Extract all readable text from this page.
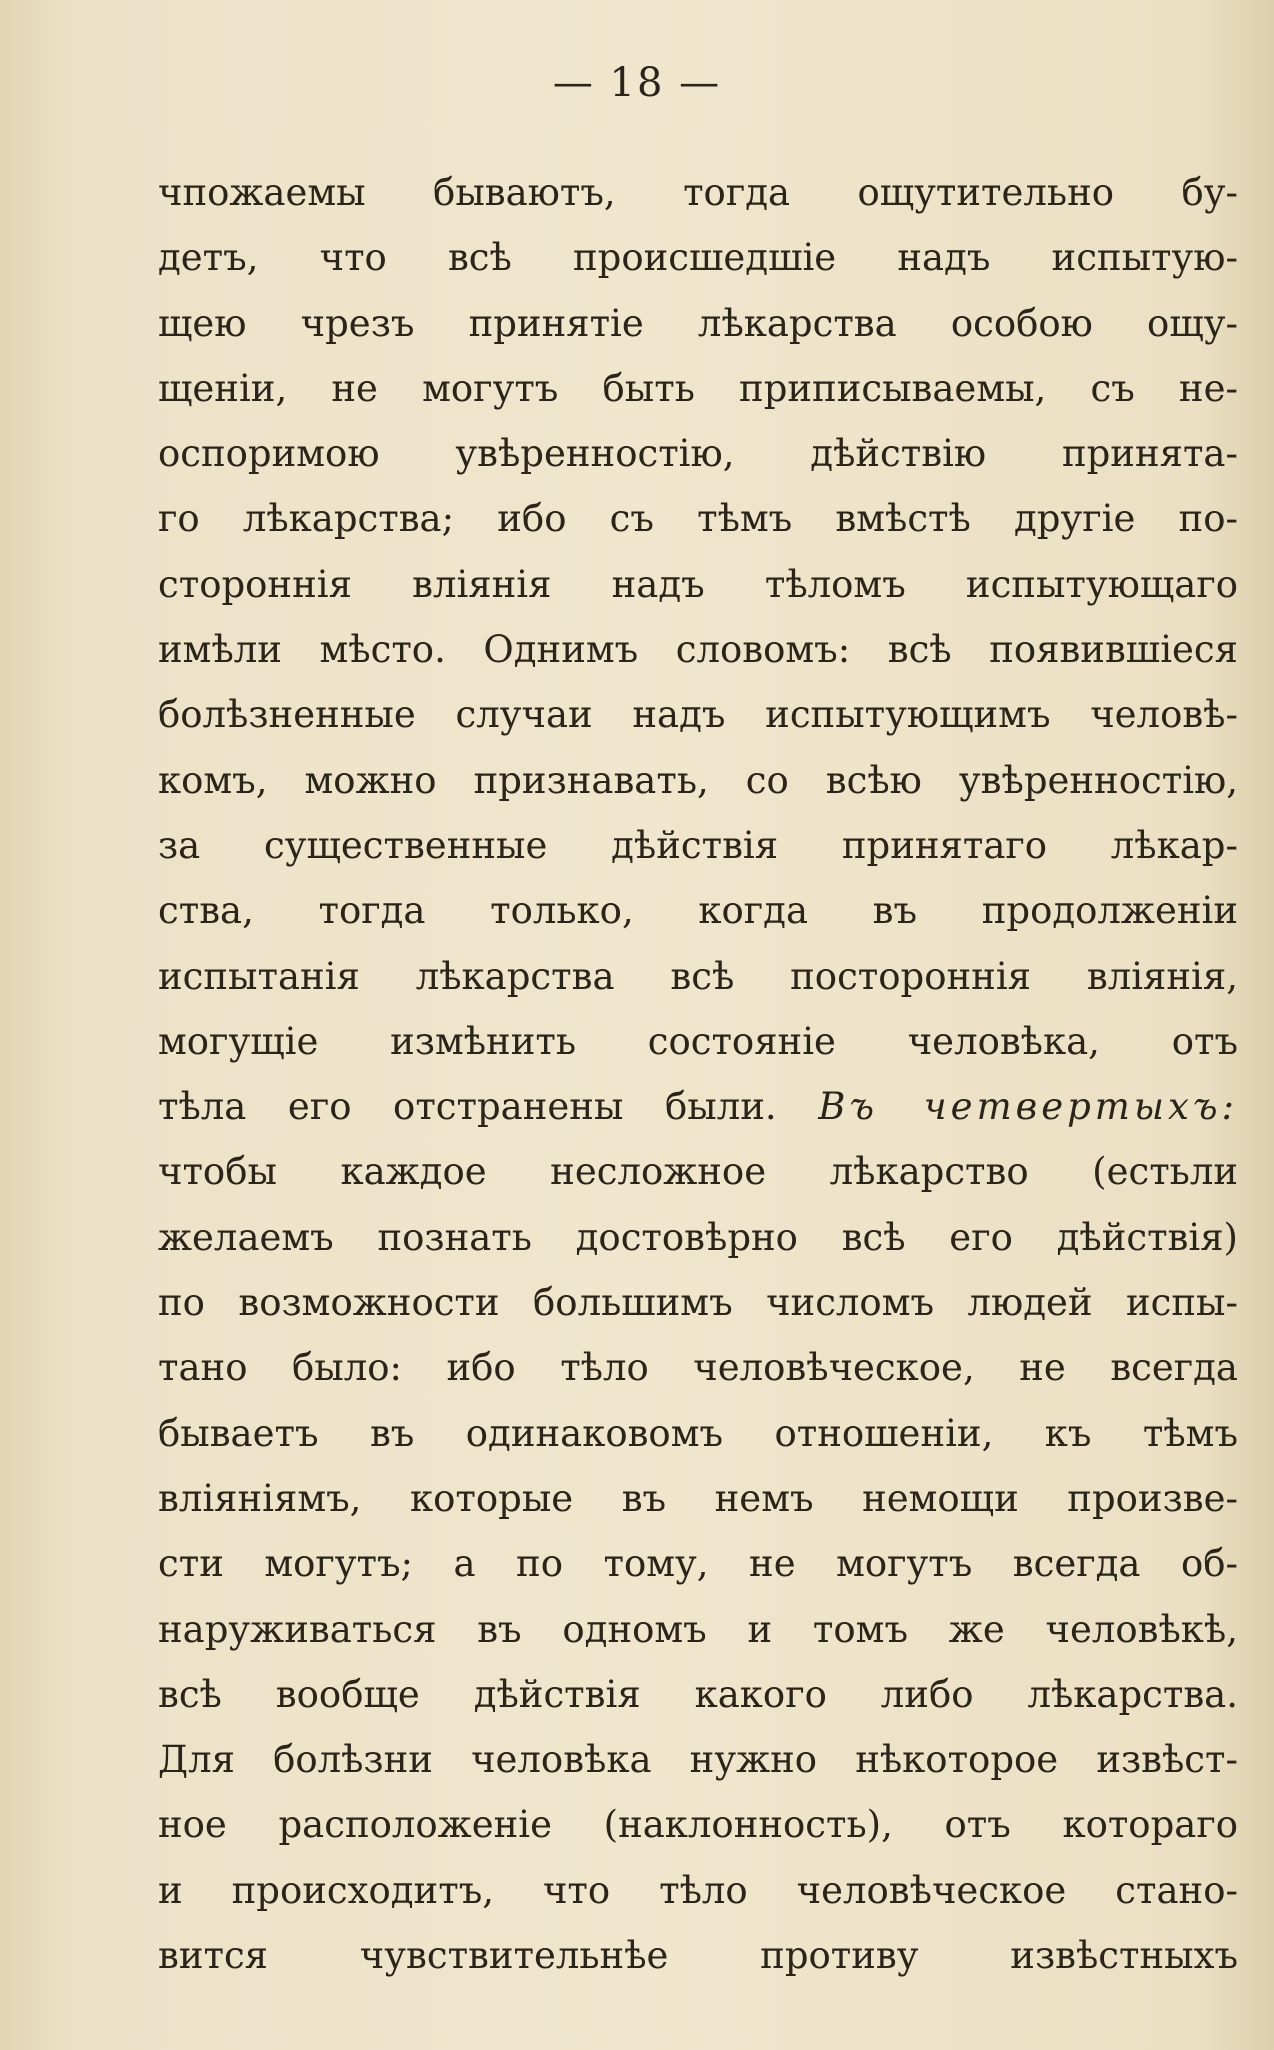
— 18 —
чпожаемы бываютъ, тогда ощутительно бу-
детъ, что всѣ происшедшіе надъ испытую-
щею чрезъ принятіе лѣкарства особою ощу-
щеніи, не могутъ быть приписываемы, съ не-
оспоримою увѣренностію, дѣйствію принята-
го лѣкарства; ибо съ тѣмъ вмѣстѣ другіе по-
стороннія вліянія надъ тѣломъ испытующаго
имѣли мѣсто. Однимъ словомъ: всѣ появившіеся
болѣзненные случаи надъ испытующимъ человѣ-
комъ, можно признавать, со всѣю увѣренностію,
за существенные дѣйствія принятаго лѣкар-
ства, тогда только, когда въ продолженіи
испытанія лѣкарства всѣ постороннія вліянія,
могущіе измѣнить состояніе человѣка, отъ
тѣла его отстранены были. Въ четвертыхъ:
чтобы каждое несложное лѣкарство (естьли
желаемъ познать достовѣрно всѣ его дѣйствія)
по возможности большимъ числомъ людей испы-
тано было: ибо тѣло человѣческое, не всегда
бываетъ въ одинаковомъ отношеніи, къ тѣмъ
вліяніямъ, которые въ немъ немощи произве-
сти могутъ; а по тому, не могутъ всегда об-
наруживаться въ одномъ и томъ же человѣкѣ,
всѣ вообще дѣйствія какого либо лѣкарства.
Для болѣзни человѣка нужно нѣкоторое извѣст-
ное расположеніе (наклонность), отъ котораго
и происходитъ, что тѣло человѣческое стано-
вится чувствительнѣе противу извѣстныхъ
